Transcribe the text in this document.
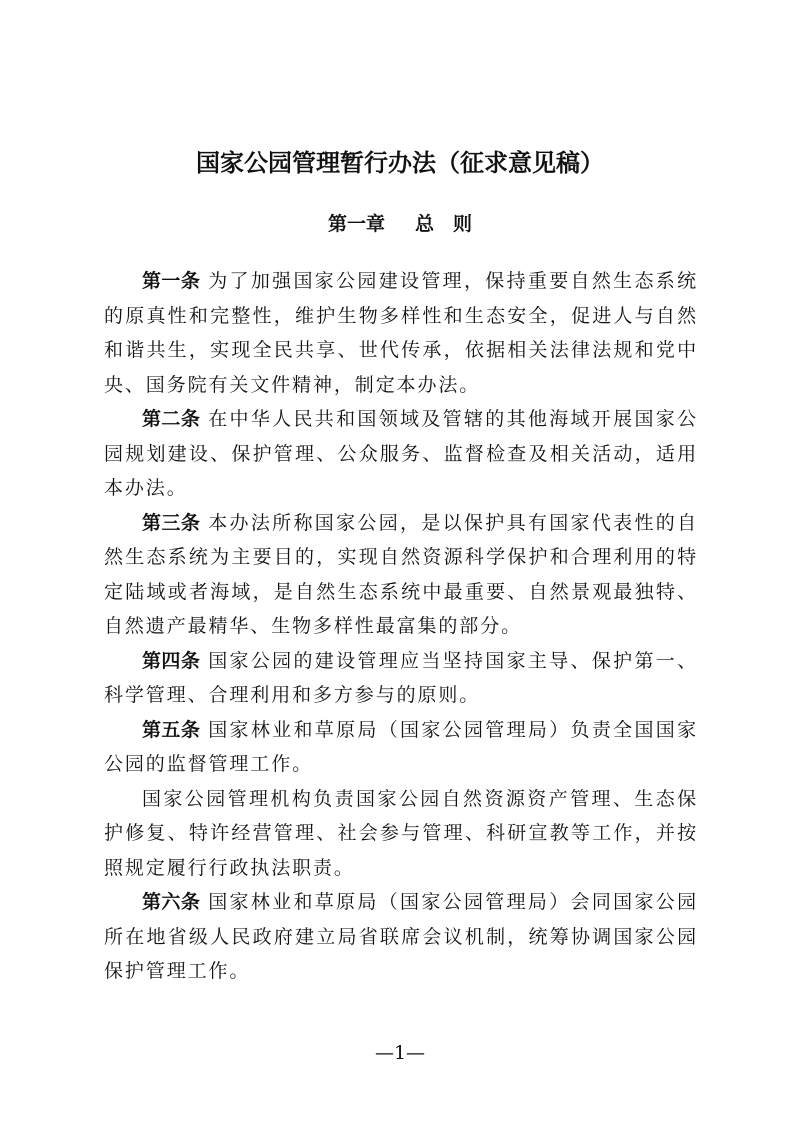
国家公园管理暂行办法（征求意见稿）
第一章 总　则

第一条 为了加强国家公园建设管理，保持重要自然生态系统的原真性和完整性，维护生物多样性和生态安全，促进人与自然和谐共生，实现全民共享、世代传承，依据相关法律法规和党中央、国务院有关文件精神，制定本办法。

第二条 在中华人民共和国领域及管辖的其他海域开展国家公园规划建设、保护管理、公众服务、监督检查及相关活动，适用本办法。

第三条 本办法所称国家公园，是以保护具有国家代表性的自然生态系统为主要目的，实现自然资源科学保护和合理利用的特定陆域或者海域，是自然生态系统中最重要、自然景观最独特、自然遗产最精华、生物多样性最富集的部分。

第四条 国家公园的建设管理应当坚持国家主导、保护第一、科学管理、合理利用和多方参与的原则。

第五条 国家林业和草原局（国家公园管理局）负责全国国家公园的监督管理工作。

国家公园管理机构负责国家公园自然资源资产管理、生态保护修复、特许经营管理、社会参与管理、科研宣教等工作，并按照规定履行行政执法职责。

第六条 国家林业和草原局（国家公园管理局）会同国家公园所在地省级人民政府建立局省联席会议机制，统筹协调国家公园保护管理工作。

—1—
